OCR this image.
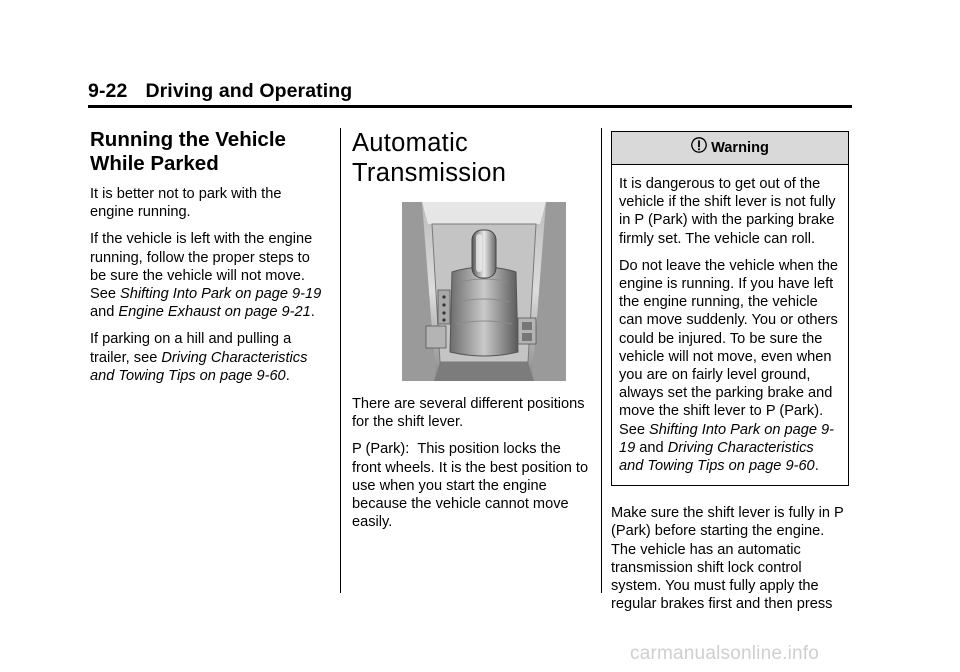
9-22 Driving and Operating
Running the Vehicle While Parked

It is better not to park with the engine running.

If the vehicle is left with the engine running, follow the proper steps to be sure the vehicle will not move. See Shifting Into Park on page 9-19 and Engine Exhaust on page 9-21.

If parking on a hill and pulling a trailer, see Driving Characteristics and Towing Tips on page 9-60.

Automatic Transmission

There are several different positions for the shift lever.

P (Park): This position locks the front wheels. It is the best position to use when you start the engine because the vehicle cannot move easily.

Warning

It is dangerous to get out of the vehicle if the shift lever is not fully in P (Park) with the parking brake firmly set. The vehicle can roll.

Do not leave the vehicle when the engine is running. If you have left the engine running, the vehicle can move suddenly. You or others could be injured. To be sure the vehicle will not move, even when you are on fairly level ground, always set the parking brake and move the shift lever to P (Park). See Shifting Into Park on page 9-19 and Driving Characteristics and Towing Tips on page 9-60.

Make sure the shift lever is fully in P (Park) before starting the engine. The vehicle has an automatic transmission shift lock control system. You must fully apply the regular brakes first and then press

carmanualsonline.info
